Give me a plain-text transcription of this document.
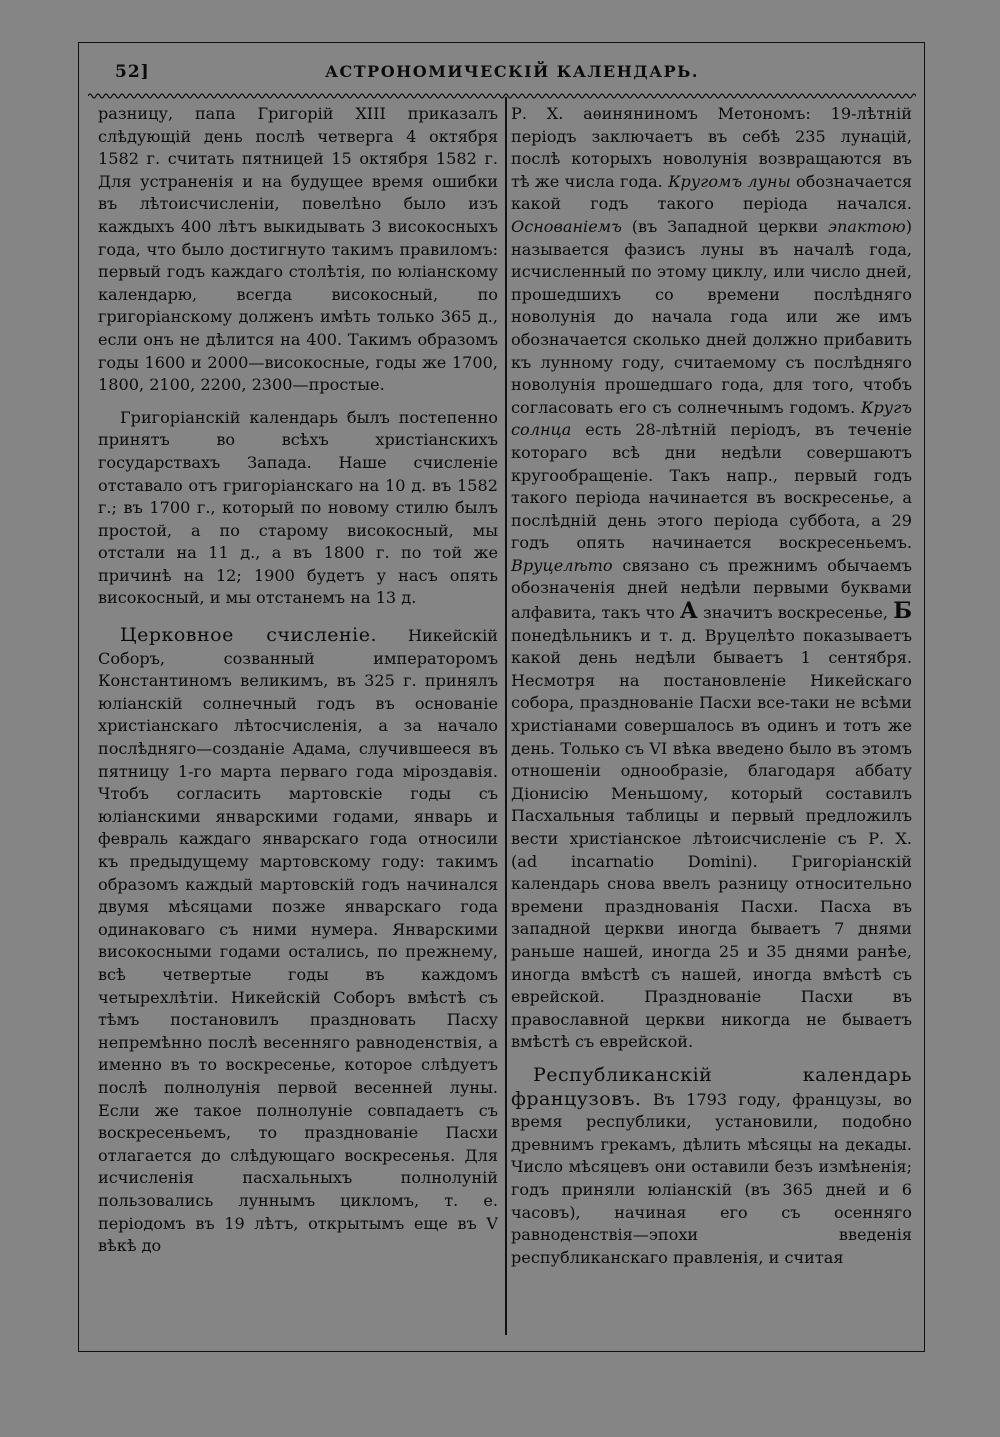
52]	АСТРОНОМИЧЕСКІЙ КАЛЕНДАРЬ.

разницу, папа Григорій XIII приказалъ слѣдующій день послѣ четверга 4 октября 1582 г. считать пятницей 15 октября 1582 г. Для устраненія и на будущее время ошибки въ лѣтоисчисленіи, повелѣно было изъ каждыхъ 400 лѣтъ выкидывать 3 високосныхъ года, что было достигнуто такимъ правиломъ: первый годъ каждаго столѣтія, по юліанскому календарю, всегда високосный, по григоріанскому долженъ имѣть только 365 д., если онъ не дѣлится на 400. Такимъ образомъ годы 1600 и 2000—високосные, годы же 1700, 1800, 2100, 2200, 2300—простые.

Григоріанскій календарь былъ постепенно принятъ во всѣхъ христіанскихъ государствахъ Запада. Наше счисленіе отставало отъ григоріанскаго на 10 д. въ 1582 г.; въ 1700 г., который по новому стилю былъ простой, а по старому високосный, мы отстали на 11 д., а въ 1800 г. по той же причинѣ на 12; 1900 будетъ у насъ опять високосный, и мы отстанемъ на 13 д.

Церковное счисленіе. Никейскій Соборъ, созванный императоромъ Константиномъ великимъ, въ 325 г. принялъ юліанскій солнечный годъ въ основаніе христіанскаго лѣтосчисленія, а за начало послѣдняго—созданіе Адама, случившееся въ пятницу 1-го марта перваго года міроздавія. Чтобъ согласить мартовскіе годы съ юліанскими январскими годами, январь и февраль каждаго январскаго года относили къ предыдущему мартовскому году: такимъ образомъ каждый мартовскій годъ начинался двумя мѣсяцами позже январскаго года одинаковаго съ ними нумера. Январскими високосными годами остались, по прежнему, всѣ четвертые годы въ каждомъ четырехлѣтіи. Никейскій Соборъ вмѣстѣ съ тѣмъ постановилъ праздновать Пасху непремѣнно послѣ весенняго равноденствія, а именно въ то воскресенье, которое слѣдуетъ послѣ полнолунія первой весенней луны. Если же такое полнолуніе совпадаетъ съ воскресеньемъ, то празднованіе Пасхи отлагается до слѣдующаго воскресенья. Для исчисленія пасхальныхъ полнолуній пользовались луннымъ цикломъ, т. е. періодомъ въ 19 лѣтъ, открытымъ еще въ V вѣкѣ до

Р. Х. аѳиняниномъ Метономъ: 19-лѣтній періодъ заключаетъ въ себѣ 235 лунацій, послѣ которыхъ новолунія возвращаются въ тѣ же числа года. Кругомъ луны обозначается какой годъ такого періода начался. Основаніемъ (въ Западной церкви эпактою) называется фазисъ луны въ началѣ года, исчисленный по этому циклу, или число дней, прошедшихъ со времени послѣдняго новолунія до начала года или же имъ обозначается сколько дней должно прибавить къ лунному году, считаемому съ послѣдняго новолунія прошедшаго года, для того, чтобъ согласовать его съ солнечнымъ годомъ. Кругъ солнца есть 28-лѣтній періодъ, въ теченіе котораго всѣ дни недѣли совершаютъ кругообращеніе. Такъ напр., первый годъ такого періода начинается въ воскресенье, а послѣдній день этого періода суббота, а 29 годъ опять начинается воскресеньемъ. Вруцелѣто связано съ прежнимъ обычаемъ обозначенія дней недѣли первыми буквами алфавита, такъ что А значитъ воскресенье, Б понедѣльникъ и т. д. Вруцелѣто показываетъ какой день недѣли бываетъ 1 сентября. Несмотря на постановленіе Никейскаго собора, празднованіе Пасхи все-таки не всѣми христіанами совершалось въ одинъ и тотъ же день. Только съ VI вѣка введено было въ этомъ отношеніи однообразіе, благодаря аббату Діонисію Меньшому, который составилъ Пасхальныя таблицы и первый предложилъ вести христіанское лѣтоисчисленіе съ Р. Х. (ad incarnatio Domini). Григоріанскій календарь снова ввелъ разницу относительно времени празднованія Пасхи. Пасха въ западной церкви иногда бываетъ 7 днями раньше нашей, иногда 25 и 35 днями ранѣе, иногда вмѣстѣ съ нашей, иногда вмѣстѣ съ еврейской. Празднованіе Пасхи въ православной церкви никогда не бываетъ вмѣстѣ съ еврейской.

Республиканскій календарь французовъ. Въ 1793 году, французы, во время республики, установили, подобно древнимъ грекамъ, дѣлить мѣсяцы на декады. Число мѣсяцевъ они оставили безъ измѣненія; годъ приняли юліанскій (въ 365 дней и 6 часовъ), начиная его съ осенняго равноденствія—эпохи введенія республиканскаго правленія, и считая
